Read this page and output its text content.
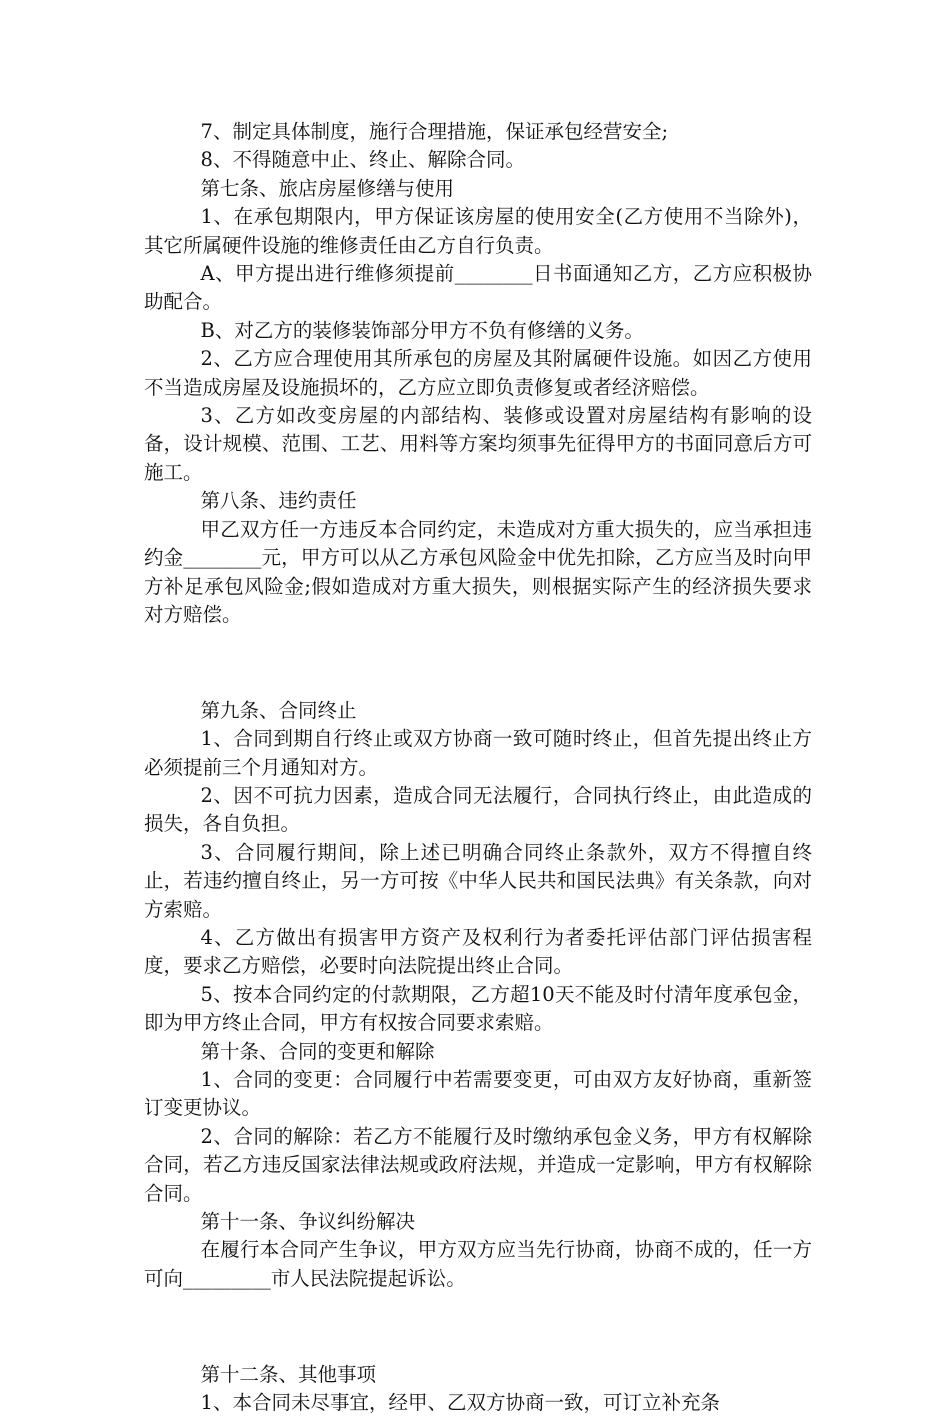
7、制定具体制度，施行合理措施，保证承包经营安全;

8、不得随意中止、终止、解除合同。

第七条、旅店房屋修缮与使用

1、在承包期限内，甲方保证该房屋的使用安全(乙方使用不当除外)，其它所属硬件设施的维修责任由乙方自行负责。

A、甲方提出进行维修须提前________日书面通知乙方，乙方应积极协助配合。

B、对乙方的装修装饰部分甲方不负有修缮的义务。

2、乙方应合理使用其所承包的房屋及其附属硬件设施。如因乙方使用不当造成房屋及设施损坏的，乙方应立即负责修复或者经济赔偿。

3、乙方如改变房屋的内部结构、装修或设置对房屋结构有影响的设备，设计规模、范围、工艺、用料等方案均须事先征得甲方的书面同意后方可施工。

第八条、违约责任

甲乙双方任一方违反本合同约定，未造成对方重大损失的，应当承担违约金________元，甲方可以从乙方承包风险金中优先扣除，乙方应当及时向甲方补足承包风险金;假如造成对方重大损失，则根据实际产生的经济损失要求对方赔偿。

第九条、合同终止

1、合同到期自行终止或双方协商一致可随时终止，但首先提出终止方必须提前三个月通知对方。

2、因不可抗力因素，造成合同无法履行，合同执行终止，由此造成的损失，各自负担。

3、合同履行期间，除上述已明确合同终止条款外，双方不得擅自终止，若违约擅自终止，另一方可按《中华人民共和国民法典》有关条款，向对方索赔。

4、乙方做出有损害甲方资产及权利行为者委托评估部门评估损害程度，要求乙方赔偿，必要时向法院提出终止合同。

5、按本合同约定的付款期限，乙方超10天不能及时付清年度承包金，即为甲方终止合同，甲方有权按合同要求索赔。

第十条、合同的变更和解除

1、合同的变更：合同履行中若需要变更，可由双方友好协商，重新签订变更协议。

2、合同的解除：若乙方不能履行及时缴纳承包金义务，甲方有权解除合同，若乙方违反国家法律法规或政府法规，并造成一定影响，甲方有权解除合同。

第十一条、争议纠纷解决

在履行本合同产生争议，甲方双方应当先行协商，协商不成的，任一方可向_________市人民法院提起诉讼。

第十二条、其他事项

1、本合同未尽事宜，经甲、乙双方协商一致，可订立补充条
